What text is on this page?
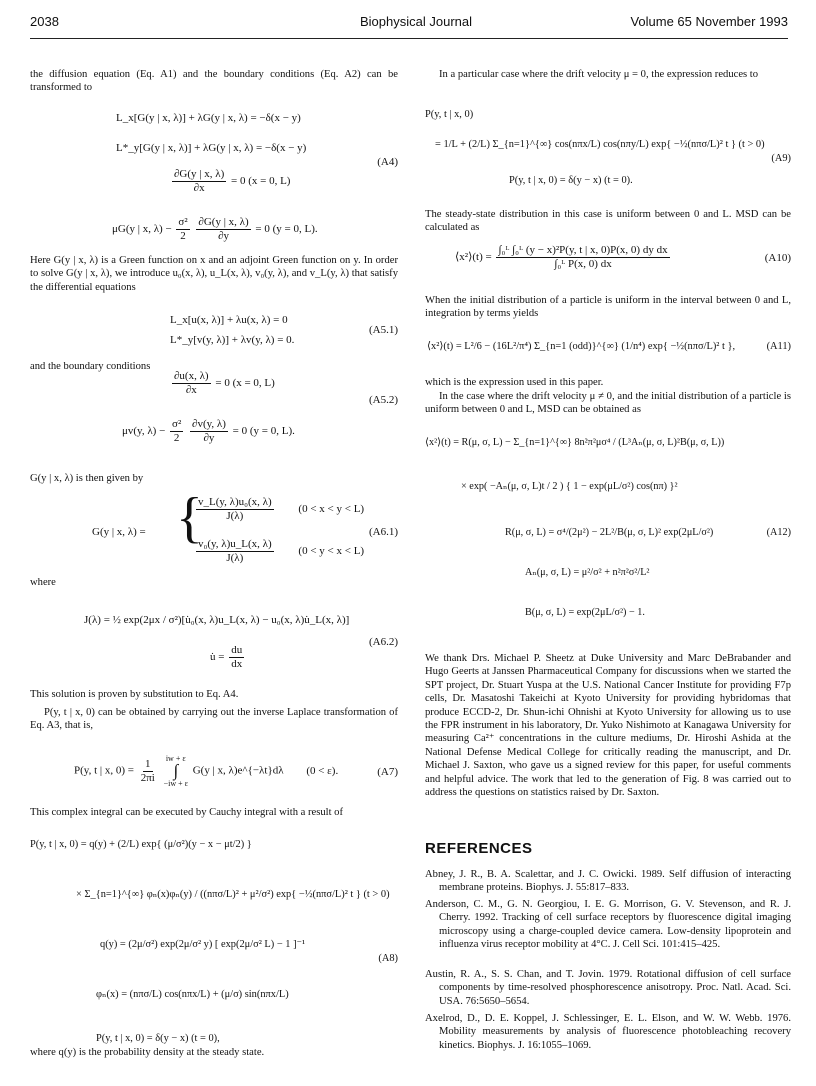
2038	Biophysical Journal	Volume 65 November 1993
the diffusion equation (Eq. A1) and the boundary conditions (Eq. A2) can be transformed to
L_x[G(y | x, λ)] + λG(y | x, λ) = −δ(x − y)
L*_y[G(y | x, λ)] + λG(y | x, λ) = −δ(x − y)
$\frac{\partial G(y | x, \lambda)}{\partial x} = 0$ (x = 0, L)
(A4)
μG(y | x, $\lambda) - \frac{\text{σ²}}{2}$
$\frac{\partial G(y | x, \lambda)}{\partial y} = 0$ (y = 0, L).
Here G(y | x, λ) is a Green function on x and an adjoint Green function on y. In order to solve G(y | x, λ), we introduce u₀(x, λ), u_L(x, λ), v₀(y, λ), and v_L(y, λ) that satisfy the differential equations
L_x[u(x, λ)] + λu(x, λ) = 0
L*_y[v(y, λ)] + λv(y, λ) = 0.
(A5.1)
and the boundary conditions
$\frac{\partial u(x, \lambda)}{\partial x} = 0$ (x = 0, L)
(A5.2)
μv(y, $\lambda) - \frac{\text{σ²}}{2}$
$\frac{\partial v(y, \lambda)}{\partial y} = 0$ (y = 0, L).
G(y | x, λ) is then given by
G(y | x, λ) = {
$\frac{\text{v\_L(y, λ)u₀(x, λ)}}{J(\lambda)} (0 < x < y < L)$
$\frac{\text{v₀(y, λ)u\_L(x, λ)}}{J(\lambda)} (0 < y < x < L)$
(A6.1)
where
J(λ) = ½ exp(2μx / σ²)[u̇₀(x, λ)u_L(x, λ) − u₀(x, λ)u̇_L(x, λ)]
(A6.2)
u̇ = $\frac{du}{dx}$
This solution is proven by substitution to Eq. A4.
P(y, t | x, 0) can be obtained by carrying out the inverse Laplace transformation of Eq. A3, that is,
P(y, t | x, $0) = \frac{1}{2\pi i}$
iw + ε
∫
−iw + ε
G(y | x, λ)e^{−λt}dλ (0 < ε).	(A7)
This complex integral can be executed by Cauchy integral with a result of
P(y, t | x, 0) = q(y) + (2/L) exp{ (μ/σ²)(y − x − μt/2) }
× Σ_{n=1}^{∞} φₙ(x)φₙ(y) / ((nπσ/L)² + μ²/σ²) exp{ −½(nπσ/L)² t } (t > 0)
q(y) = (2μ/σ²) exp(2μ/σ² y) [ exp(2μ/σ² L) − 1 ]⁻¹
(A8)
φₙ(x) = (nπσ/L) cos(nπx/L) + (μ/σ) sin(nπx/L)
P(y, t | x, 0) = δ(y − x) (t = 0),
where q(y) is the probability density at the steady state.
In a particular case where the drift velocity μ = 0, the expression reduces to
P(y, t | x, 0)
= 1/L + (2/L) Σ_{n=1}^{∞} cos(nπx/L) cos(nπy/L) exp{ −½(nπσ/L)² t } (t > 0)
(A9)
P(y, t | x, 0) = δ(y − x) (t = 0).
The steady-state distribution in this case is uniform between 0 and L. MSD can be calculated as
⟨x²⟩(t) = $\frac{\text{∫₀ᴸ ∫₀ᴸ (y − x)²P(y, t | x, 0)P(x, 0) dy dx}}{\text{∫₀ᴸ P(x, 0) dx}}$	(A10)
When the initial distribution of a particle is uniform in the interval between 0 and L, integration by terms yields
⟨x²⟩(t) = L²/6 − (16L²/π⁴) Σ_{n=1 (odd)}^{∞} (1/n⁴) exp{ −½(nπσ/L)² t },	(A11)
which is the expression used in this paper.
In the case where the drift velocity μ ≠ 0, and the initial distribution of a particle is uniform between 0 and L, MSD can be obtained as
⟨x²⟩(t) = R(μ, σ, L) − Σ_{n=1}^{∞} 8n²π²μσ⁴ / (L³Aₙ(μ, σ, L)²B(μ, σ, L))
× exp( −Aₙ(μ, σ, L)t / 2 ) { 1 − exp(μL/σ²) cos(nπ) }²
R(μ, σ, L) = σ⁴/(2μ²) − 2L²/B(μ, σ, L)² exp(2μL/σ²)	(A12)
Aₙ(μ, σ, L) = μ²/σ² + n²π²σ²/L²
B(μ, σ, L) = exp(2μL/σ²) − 1.
We thank Drs. Michael P. Sheetz at Duke University and Marc DeBrabander and Hugo Geerts at Janssen Pharmaceutical Company for discussions when we started the SPT project, Dr. Stuart Yuspa at the U.S. National Cancer Institute for providing F7p cells, Dr. Masatoshi Takeichi at Kyoto University for providing hybridomas that produce ECCD-2, Dr. Shun-ichi Ohnishi at Kyoto University for allowing us to use the FPR instrument in his laboratory, Dr. Yuko Nishimoto at Kanagawa University for measuring Ca²⁺ concentrations in the culture mediums, Dr. Hiroshi Ashida at the National Defense Medical College for critically reading the manuscript, and Dr. Michael J. Saxton, who gave us a signed review for this paper, for useful comments and helpful advice. The work that led to the generation of Fig. 8 was carried out to address the questions on statistics raised by Dr. Saxton.
REFERENCES
Abney, J. R., B. A. Scalettar, and J. C. Owicki. 1989. Self diffusion of interacting membrane proteins. Biophys. J. 55:817–833.
Anderson, C. M., G. N. Georgiou, I. E. G. Morrison, G. V. Stevenson, and R. J. Cherry. 1992. Tracking of cell surface receptors by fluorescence digital imaging microscopy using a charge-coupled device camera. Low-density lipoprotein and influenza virus receptor mobility at 4°C. J. Cell Sci. 101:415–425.
Austin, R. A., S. S. Chan, and T. Jovin. 1979. Rotational diffusion of cell surface components by time-resolved phosphorescence anisotropy. Proc. Natl. Acad. Sci. USA. 76:5650–5654.
Axelrod, D., D. E. Koppel, J. Schlessinger, E. L. Elson, and W. W. Webb. 1976. Mobility measurements by analysis of fluorescence photobleaching recovery kinetics. Biophys. J. 16:1055–1069.
